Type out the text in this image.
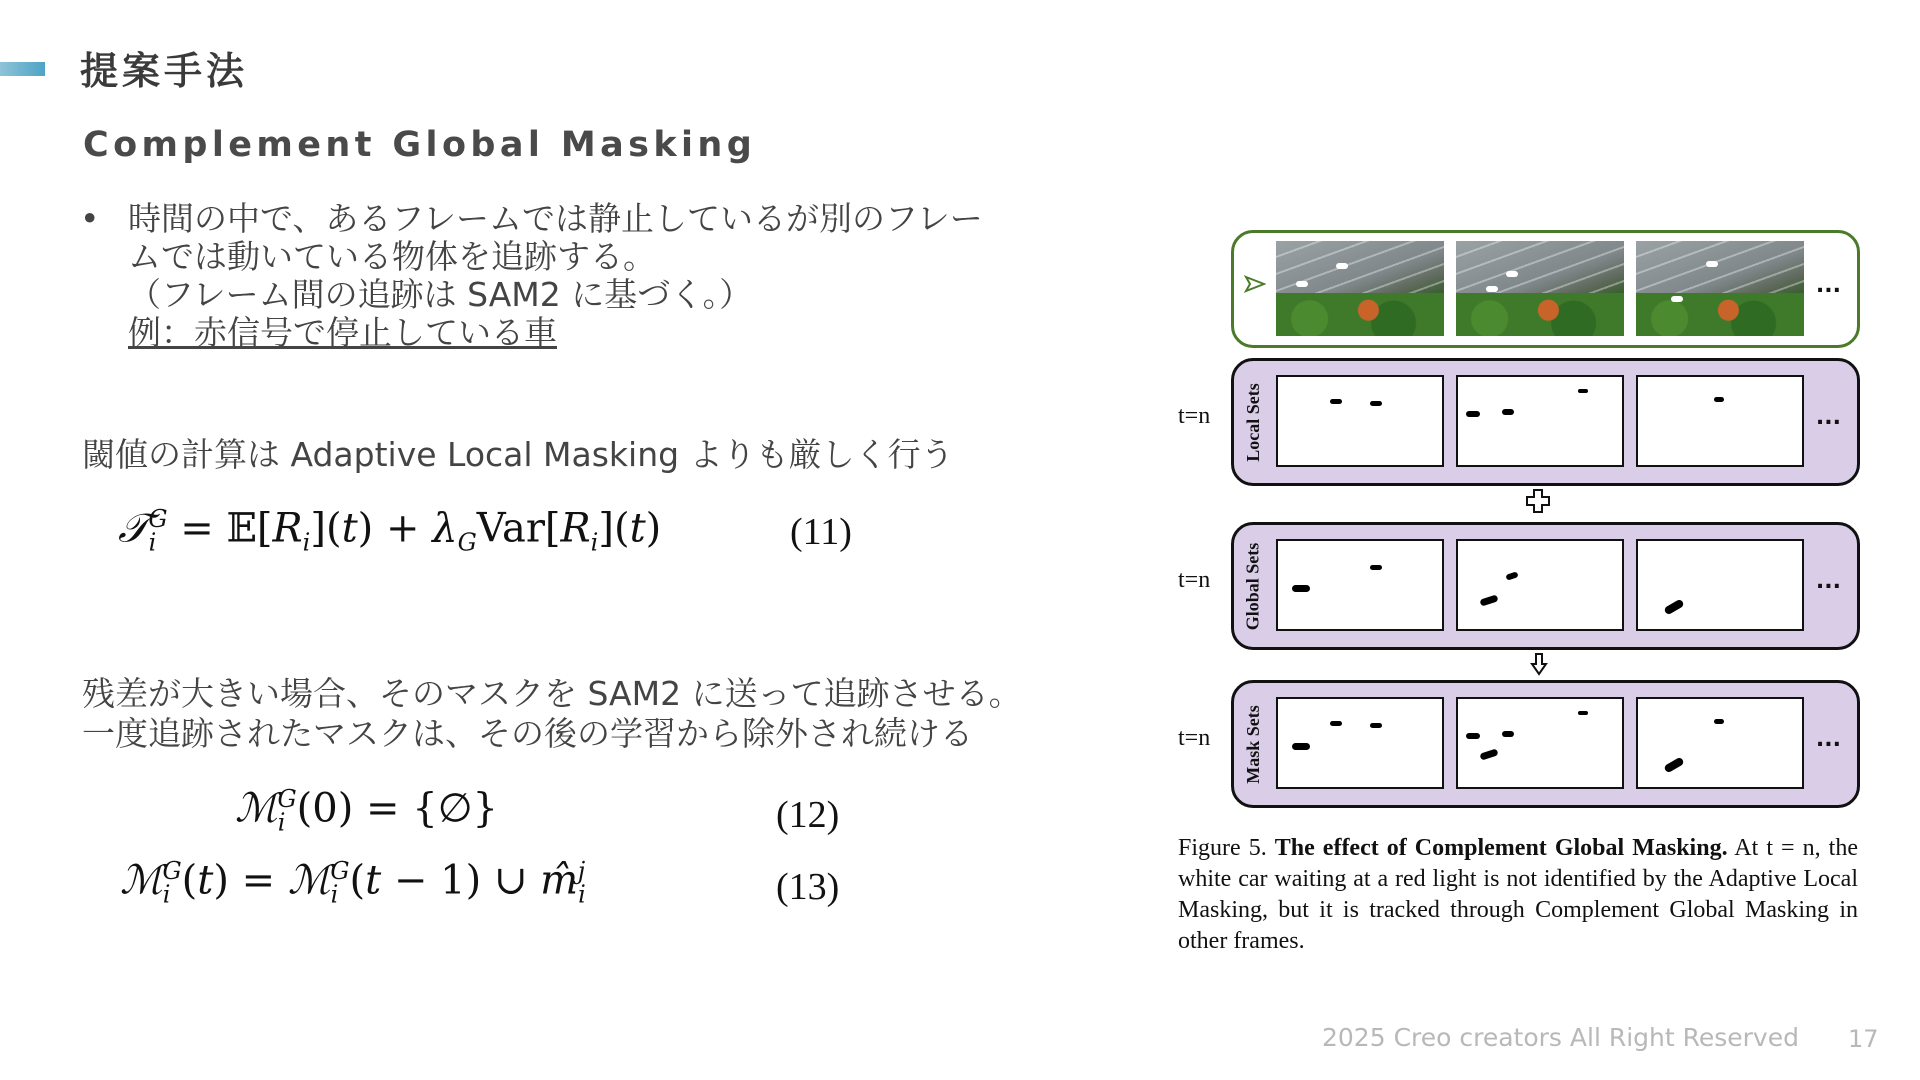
提案手法
Complement Global Masking
• 時間の中で、あるフレームでは静止しているが別のフレー
ムでは動いている物体を追跡する。
（フレーム間の追跡は SAM2 に基づく。）
例：赤信号で停止している車
閾値の計算は Adaptive Local Masking よりも厳しく行う
𝒯$_i^G$ = $𝔼[R_i](t) + \lambda_GVar[R_i](t)$	(11)
残差が大きい場合、そのマスクを SAM2 に送って追跡させる。
一度追跡されたマスクは、その後の学習から除外され続ける
ℳ$_i^G$(0) = {∅}	(12)
ℳ$_i^G$(t) = ℳ$_i^G$(t − 1) ∪ $m̂_i^j$	(13)
...
t=n Local Sets	...
t=n Global Sets	...
t=n Mask Sets	...
Figure 5. The effect of Complement Global Masking. At t = n, the white car waiting at a red light is not identified by the Adaptive Local Masking, but it is tracked through Complement Global Masking in other frames.
2025 Creo creators All Right Reserved 17
